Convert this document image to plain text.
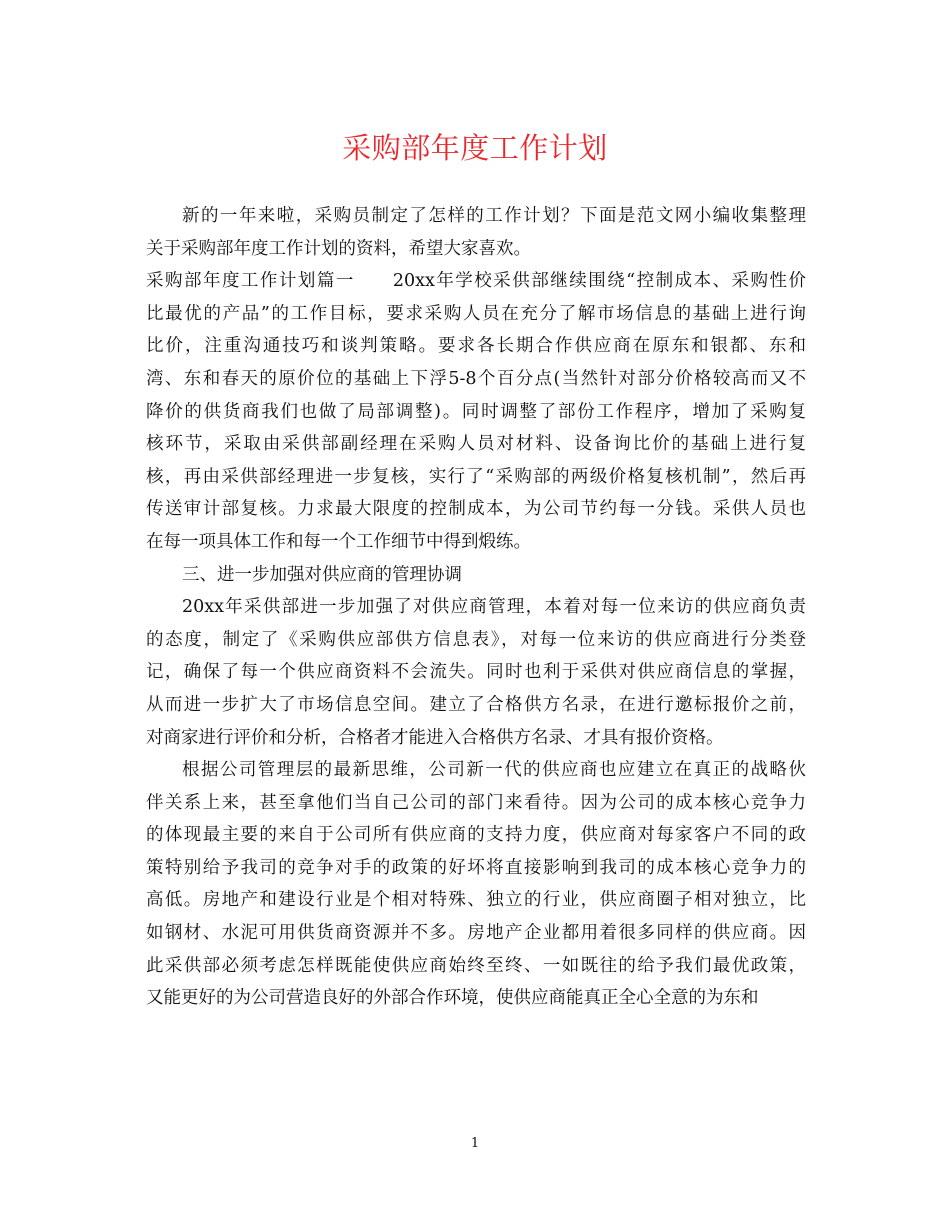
采购部年度工作计划
新的一年来啦，采购员制定了怎样的工作计划？下面是范文网小编收集整理
关于采购部年度工作计划的资料，希望大家喜欢。
采购部年度工作计划篇一　　20xx年学校采供部继续围绕“控制成本、采购性价
比最优的产品”的工作目标，要求采购人员在充分了解市场信息的基础上进行询
比价，注重沟通技巧和谈判策略。要求各长期合作供应商在原东和银都、东和
湾、东和春天的原价位的基础上下浮5-8个百分点(当然针对部分价格较高而又不
降价的供货商我们也做了局部调整)。同时调整了部份工作程序，增加了采购复
核环节，采取由采供部副经理在采购人员对材料、设备询比价的基础上进行复
核，再由采供部经理进一步复核，实行了“采购部的两级价格复核机制”，然后再
传送审计部复核。力求最大限度的控制成本，为公司节约每一分钱。采供人员也
在每一项具体工作和每一个工作细节中得到煅练。
三、进一步加强对供应商的管理协调
20xx年采供部进一步加强了对供应商管理，本着对每一位来访的供应商负责
的态度，制定了《采购供应部供方信息表》，对每一位来访的供应商进行分类登
记，确保了每一个供应商资料不会流失。同时也利于采供对供应商信息的掌握，
从而进一步扩大了市场信息空间。建立了合格供方名录，在进行邀标报价之前，
对商家进行评价和分析，合格者才能进入合格供方名录、才具有报价资格。
根据公司管理层的最新思维，公司新一代的供应商也应建立在真正的战略伙
伴关系上来，甚至拿他们当自己公司的部门来看待。因为公司的成本核心竞争力
的体现最主要的来自于公司所有供应商的支持力度，供应商对每家客户不同的政
策特别给予我司的竞争对手的政策的好坏将直接影响到我司的成本核心竞争力的
高低。房地产和建设行业是个相对特殊、独立的行业，供应商圈子相对独立，比
如钢材、水泥可用供货商资源并不多。房地产企业都用着很多同样的供应商。因
此采供部必须考虑怎样既能使供应商始终至终、一如既往的给予我们最优政策，
又能更好的为公司营造良好的外部合作环境，使供应商能真正全心全意的为东和
1
